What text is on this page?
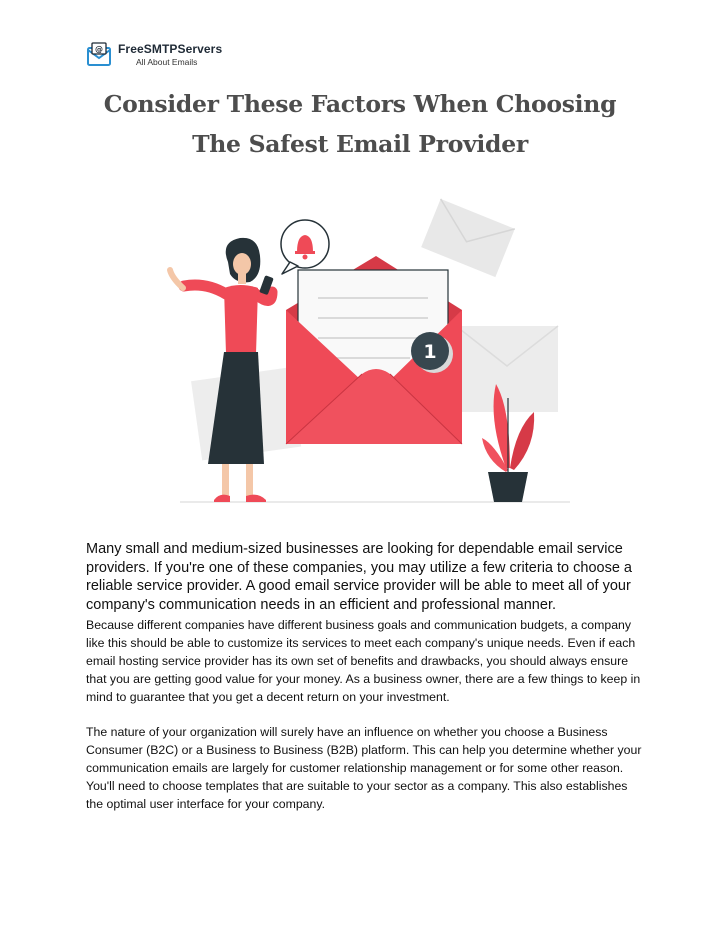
@ FreeSMTPServers
All About Emails
Consider These Factors When Choosing
The Safest Email Provider
1

Many small and medium-sized businesses are looking for dependable email service providers. If you're one of these companies, you may utilize a few criteria to choose a reliable service provider. A good email service provider will be able to meet all of your company's communication needs in an efficient and professional manner.

Because different companies have different business goals and communication budgets, a company like this should be able to customize its services to meet each company's unique needs. Even if each email hosting service provider has its own set of benefits and drawbacks, you should always ensure that you are getting good value for your money. As a business owner, there are a few things to keep in mind to guarantee that you get a decent return on your investment.

The nature of your organization will surely have an influence on whether you choose a Business Consumer (B2C) or a Business to Business (B2B) platform. This can help you determine whether your communication emails are largely for customer relationship management or for some other reason. You'll need to choose templates that are suitable to your sector as a company. This also establishes the optimal user interface for your company.
